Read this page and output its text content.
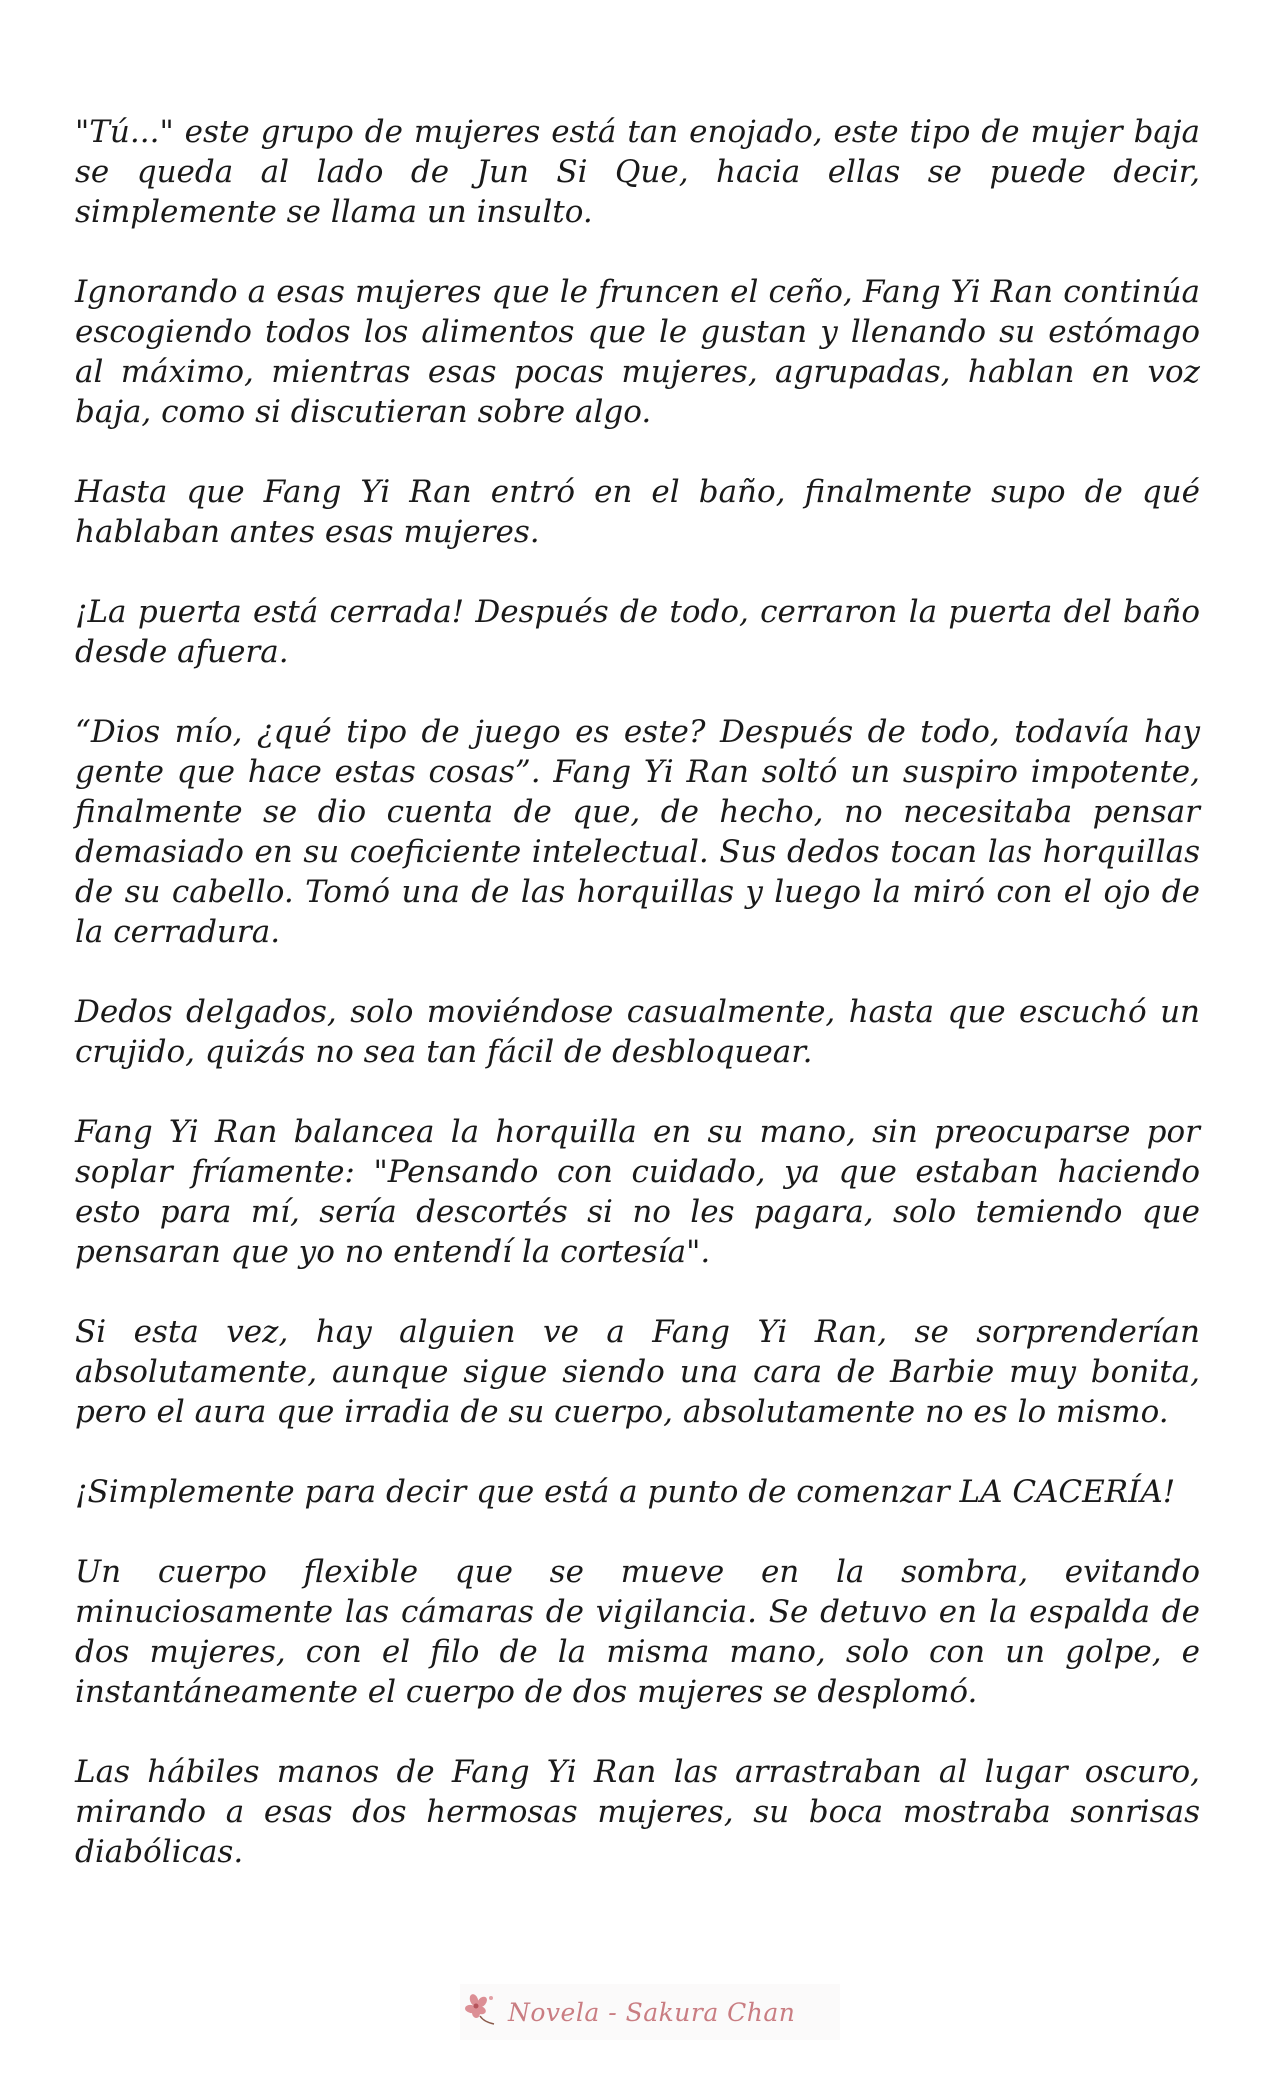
"Tú..." este grupo de mujeres está tan enojado, este tipo de mujer baja se queda al lado de Jun Si Que, hacia ellas se puede decir, simplemente se llama un insulto.

Ignorando a esas mujeres que le fruncen el ceño, Fang Yi Ran continúa escogiendo todos los alimentos que le gustan y llenando su estómago al máximo, mientras esas pocas mujeres, agrupadas, hablan en voz baja, como si discutieran sobre algo.

Hasta que Fang Yi Ran entró en el baño, finalmente supo de qué hablaban antes esas mujeres.

¡La puerta está cerrada! Después de todo, cerraron la puerta del baño desde afuera.

“Dios mío, ¿qué tipo de juego es este? Después de todo, todavía hay gente que hace estas cosas”. Fang Yi Ran soltó un suspiro impotente, finalmente se dio cuenta de que, de hecho, no necesitaba pensar demasiado en su coeficiente intelectual. Sus dedos tocan las horquillas de su cabello. Tomó una de las horquillas y luego la miró con el ojo de la cerradura.

Dedos delgados, solo moviéndose casualmente, hasta que escuchó un crujido, quizás no sea tan fácil de desbloquear.

Fang Yi Ran balancea la horquilla en su mano, sin preocuparse por soplar fríamente: "Pensando con cuidado, ya que estaban haciendo esto para mí, sería descortés si no les pagara, solo temiendo que pensaran que yo no entendí la cortesía".

Si esta vez, hay alguien ve a Fang Yi Ran, se sorprenderían absolutamente, aunque sigue siendo una cara de Barbie muy bonita, pero el aura que irradia de su cuerpo, absolutamente no es lo mismo.

¡Simplemente para decir que está a punto de comenzar LA CACERÍA!

Un cuerpo flexible que se mueve en la sombra, evitando minuciosamente las cámaras de vigilancia. Se detuvo en la espalda de dos mujeres, con el filo de la misma mano, solo con un golpe, e instantáneamente el cuerpo de dos mujeres se desplomó.

Las hábiles manos de Fang Yi Ran las arrastraban al lugar oscuro, mirando a esas dos hermosas mujeres, su boca mostraba sonrisas diabólicas.

Novela - Sakura Chan
